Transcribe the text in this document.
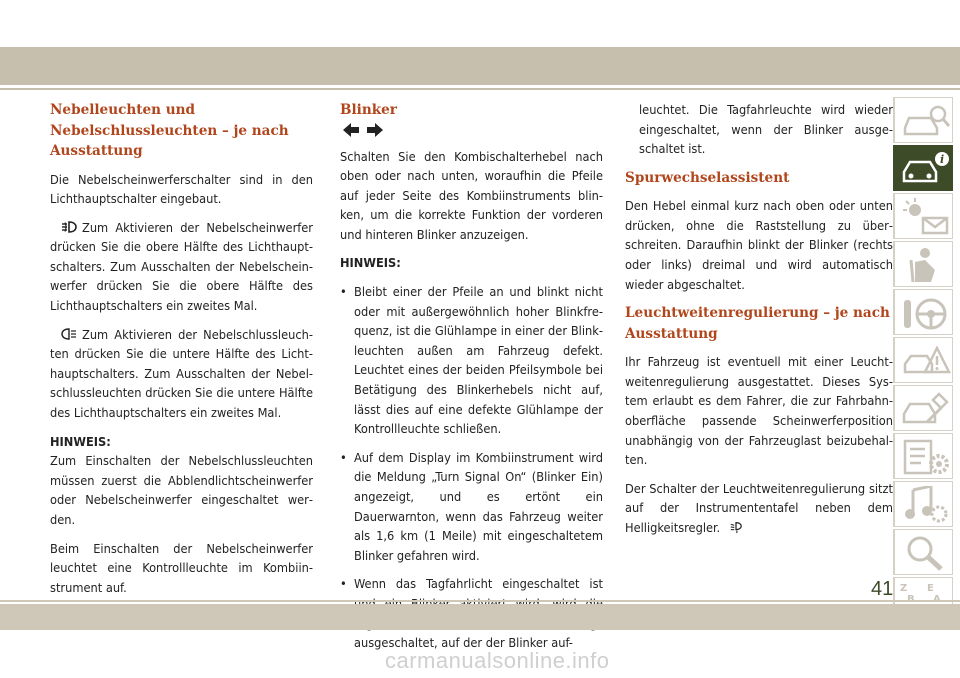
Nebelleuchten und Nebelschlussleuchten – je nach Ausstattung
Die Nebelscheinwerferschalter sind in den Lichthauptschalter eingebaut.
Zum Aktivieren der Nebelscheinwerfer drücken Sie die obere Hälfte des Lichthauptschalters. Zum Ausschalten der Nebelscheinwerfer drücken Sie die obere Hälfte des Lichthauptschalters ein zweites Mal.
Zum Aktivieren der Nebelschlussleuchten drücken Sie die untere Hälfte des Lichthauptschalters. Zum Ausschalten der Nebelschlussleuchten drücken Sie die untere Hälfte des Lichthauptschalters ein zweites Mal.
HINWEIS:
Zum Einschalten der Nebelschlussleuchten müssen zuerst die Abblendlichtscheinwerfer oder Nebelscheinwerfer eingeschaltet werden.
Beim Einschalten der Nebelscheinwerfer leuchtet eine Kontrollleuchte im Kombiinstrument auf.
Blinker
Schalten Sie den Kombischalterhebel nach oben oder nach unten, woraufhin die Pfeile auf jeder Seite des Kombiinstruments blinken, um die korrekte Funktion der vorderen und hinteren Blinker anzuzeigen.
HINWEIS:
• Bleibt einer der Pfeile an und blinkt nicht oder mit außergewöhnlich hoher Blinkfrequenz, ist die Glühlampe in einer der Blinkleuchten außen am Fahrzeug defekt. Leuchtet eines der beiden Pfeilsymbole bei Betätigung des Blinkerhebels nicht auf, lässt dies auf eine defekte Glühlampe der Kontrollleuchte schließen.
• Auf dem Display im Kombiinstrument wird die Meldung „Turn Signal On“ (Blinker Ein) angezeigt, und es ertönt ein Dauerwarnton, wenn das Fahrzeug weiter als 1,6 km (1 Meile) mit eingeschaltetem Blinker gefahren wird.
• Wenn das Tagfahrlicht eingeschaltet ist ausgeschaltet, auf der der Blinker auf-
leuchtet. Die Tagfahrleuchte wird wieder eingeschaltet, wenn der Blinker ausgeschaltet ist.
Spurwechselassistent
Den Hebel einmal kurz nach oben oder unten drücken, ohne die Raststellung zu überschreiten. Daraufhin blinkt der Blinker (rechts oder links) dreimal und wird automatisch wieder abgeschaltet.
Leuchtweitenregulierung – je nach Ausstattung
Ihr Fahrzeug ist eventuell mit einer Leuchtweitenregulierung ausgestattet. Dieses System erlaubt es dem Fahrer, die zur Fahrbahnoberfläche passende Scheinwerferposition unabhängig von der Fahrzeuglast beizubehalten.
Der Schalter der Leuchtweitenregulierung sitzt auf der Instrumententafel neben dem Helligkeitsregler.
i
Z E
41
carmanualsonline.info
